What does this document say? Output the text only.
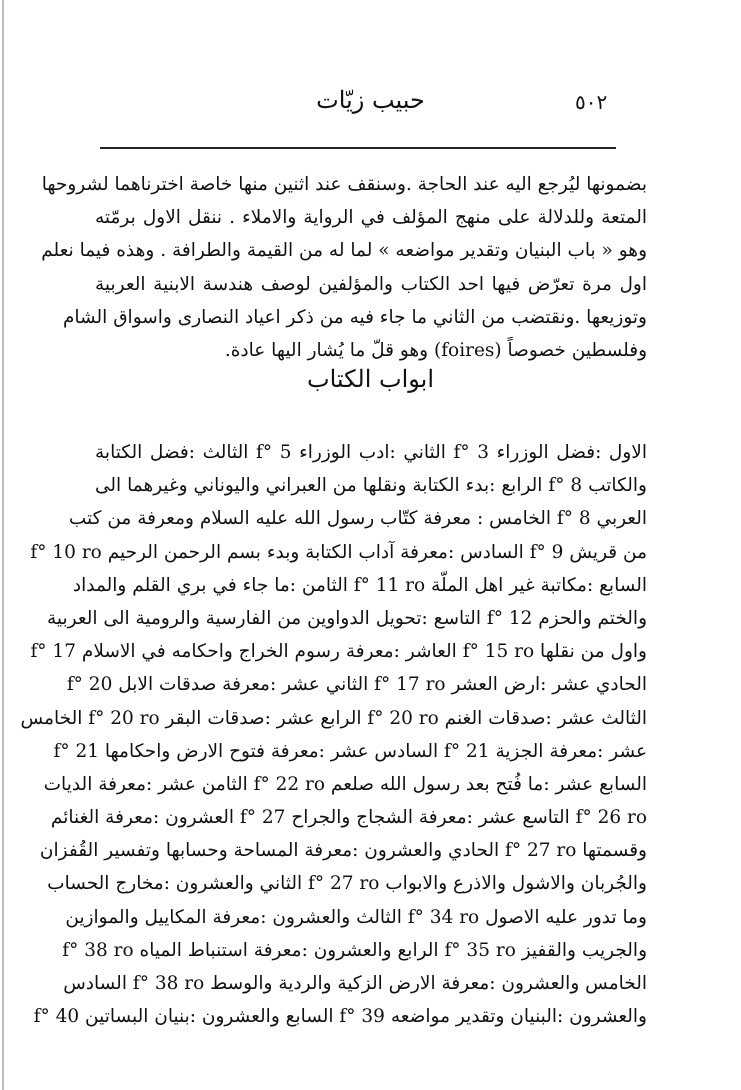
٥٠٢
حبيب زيّات
بضمونها ليُرجع اليه عند الحاجة .وسنقف عند اثنين منها خاصة اخترناهما لشروحها
المتعة وللدلالة على منهج المؤلف في الرواية والاملاء . ننقل الاول برمّته
وهو « باب البنيان وتقدير مواضعه » لما له من القيمة والطرافة . وهذه فيما نعلم
اول مرة تعرّض فيها احد الكتاب والمؤلفين لوصف هندسة الابنية العربية
وتوزيعها .ونقتضب من الثاني ما جاء فيه من ذكر اعياد النصارى واسواق الشام
وفلسطين خصوصاً (foires) وهو قلّ ما يُشار اليها عادة.
ابواب الكتاب
الاول :فضل الوزراء f° 3 الثاني :ادب الوزراء f° 5 الثالث :فضل الكتابة
والكاتب f° 8 الرابع :بدء الكتابة ونقلها من العبراني واليوناني وغيرهما الى
العربي f° 8 الخامس : معرفة كتّاب رسول الله عليه السلام ومعرفة من كتب
من قريش f° 9 السادس :معرفة آداب الكتابة وبدء بسم الرحمن الرحيم f° 10 ro
السابع :مكاتبة غير اهل الملّة f° 11 ro الثامن :ما جاء في بري القلم والمداد
والختم والحزم f° 12 التاسع :تحويل الدواوين من الفارسية والرومية الى العربية
واول من نقلها f° 15 ro العاشر :معرفة رسوم الخراج واحكامه في الاسلام f° 17
الحادي عشر :ارض العشر f° 17 ro الثاني عشر :معرفة صدقات الابل f° 20
الثالث عشر :صدقات الغنم f° 20 ro الرابع عشر :صدقات البقر f° 20 ro الخامس
عشر :معرفة الجزية f° 21 السادس عشر :معرفة فتوح الارض واحكامها f° 21
السابع عشر :ما فُتح بعد رسول الله صلعم f° 22 ro الثامن عشر :معرفة الديات
f° 26 ro التاسع عشر :معرفة الشجاج والجراح f° 27 العشرون :معرفة الغنائم
وقسمتها f° 27 ro الحادي والعشرون :معرفة المساحة وحسابها وتفسير القُفزان
والجُربان والاشول والاذرع والابواب f° 27 ro الثاني والعشرون :مخارج الحساب
وما تدور عليه الاصول f° 34 ro الثالث والعشرون :معرفة المكاييل والموازين
والجريب والقفيز f° 35 ro الرابع والعشرون :معرفة استنباط المياه f° 38 ro
الخامس والعشرون :معرفة الارض الزكية والردية والوسط f° 38 ro السادس
والعشرون :البنيان وتقدير مواضعه f° 39 السابع والعشرون :بنيان البساتين f° 40
